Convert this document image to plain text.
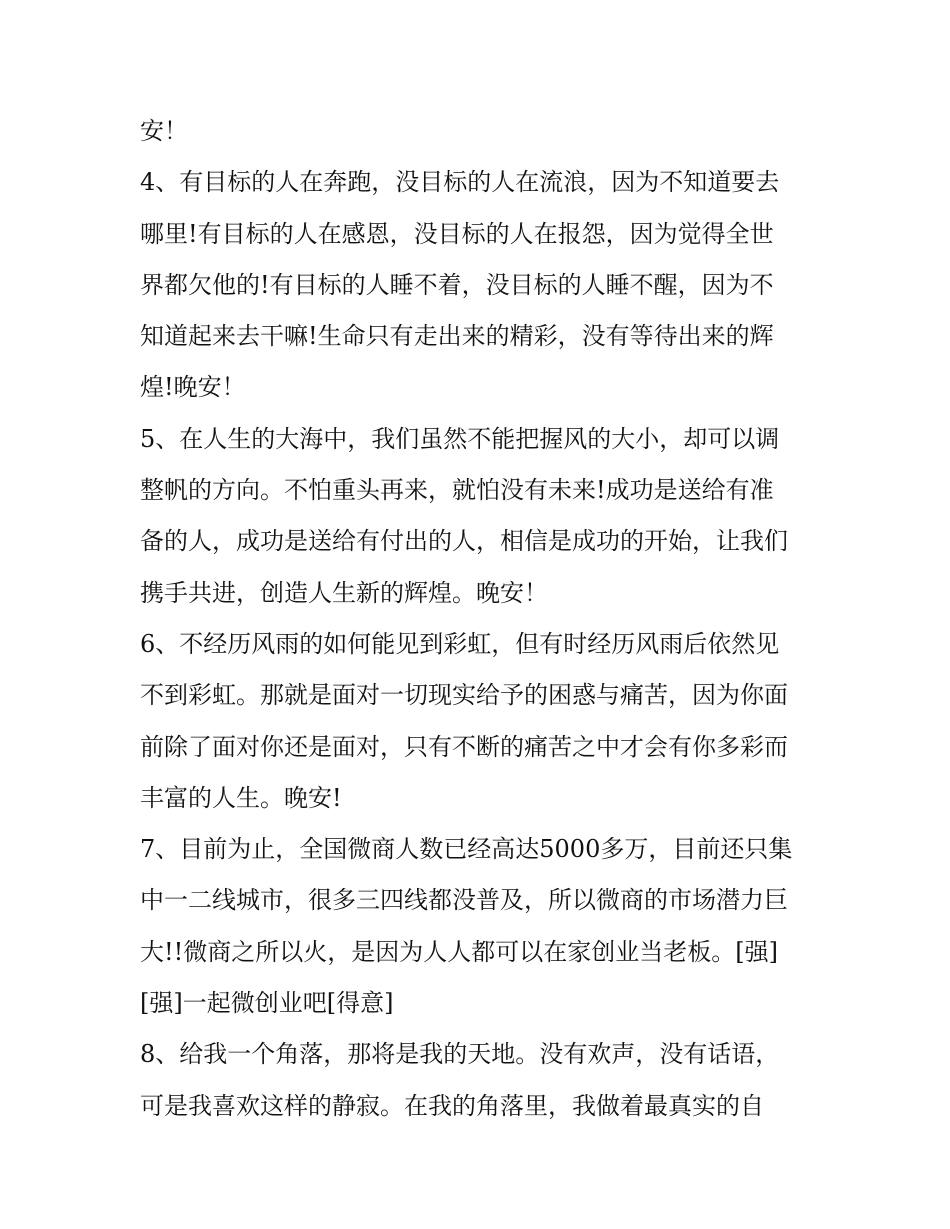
安！
4、有目标的人在奔跑，没目标的人在流浪，因为不知道要去
哪里!有目标的人在感恩，没目标的人在报怨，因为觉得全世
界都欠他的!有目标的人睡不着，没目标的人睡不醒，因为不
知道起来去干嘛!生命只有走出来的精彩，没有等待出来的辉
煌!晚安！
5、在人生的大海中，我们虽然不能把握风的大小，却可以调
整帆的方向。不怕重头再来，就怕没有未来!成功是送给有准
备的人，成功是送给有付出的人，相信是成功的开始，让我们
携手共进，创造人生新的辉煌。晚安！
6、不经历风雨的如何能见到彩虹，但有时经历风雨后依然见
不到彩虹。那就是面对一切现实给予的困惑与痛苦，因为你面
前除了面对你还是面对，只有不断的痛苦之中才会有你多彩而
丰富的人生。晚安!
7、目前为止，全国微商人数已经高达5000多万，目前还只集
中一二线城市，很多三四线都没普及，所以微商的市场潜力巨
大!!微商之所以火，是因为人人都可以在家创业当老板。[强]
[强]一起微创业吧[得意]
8、给我一个角落，那将是我的天地。没有欢声，没有话语，
可是我喜欢这样的静寂。在我的角落里，我做着最真实的自
